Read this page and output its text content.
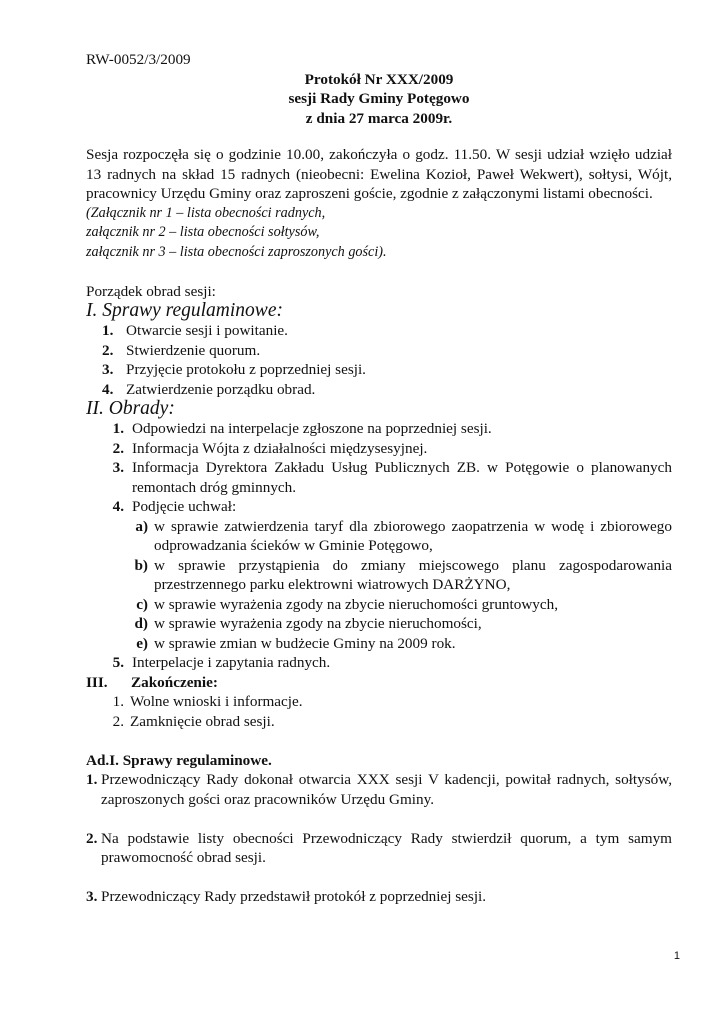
RW-0052/3/2009
Protokół Nr XXX/2009
sesji Rady Gminy Potęgowo
z dnia 27 marca 2009r.
Sesja rozpoczęła się o godzinie 10.00, zakończyła o godz. 11.50. W sesji udział wzięło udział 13 radnych na skład 15 radnych (nieobecni: Ewelina Kozioł, Paweł Wekwert), sołtysi, Wójt, pracownicy Urzędu Gminy oraz zaproszeni goście, zgodnie z załączonymi listami obecności.
(Załącznik nr 1 – lista obecności radnych,
załącznik nr 2 – lista obecności sołtysów,
załącznik nr 3 – lista obecności zaproszonych gości).
Porządek obrad sesji:
I. Sprawy regulaminowe:
1. Otwarcie sesji i powitanie.
2. Stwierdzenie quorum.
3. Przyjęcie protokołu z poprzedniej sesji.
4. Zatwierdzenie porządku obrad.
II. Obrady:
1. Odpowiedzi na interpelacje zgłoszone na poprzedniej sesji.
2. Informacja Wójta z działalności międzysesyjnej.
3. Informacja Dyrektora Zakładu Usług Publicznych ZB. w Potęgowie o planowanych remontach dróg gminnych.
4. Podjęcie uchwał:
a) w sprawie zatwierdzenia taryf dla zbiorowego zaopatrzenia w wodę i zbiorowego odprowadzania ścieków w Gminie Potęgowo,
b) w sprawie przystąpienia do zmiany miejscowego planu zagospodarowania przestrzennego parku elektrowni wiatrowych DARŻYNO,
c) w sprawie wyrażenia zgody na zbycie nieruchomości gruntowych,
d) w sprawie wyrażenia zgody na zbycie nieruchomości,
e) w sprawie zmian w budżecie Gminy na 2009 rok.
5. Interpelacje i zapytania radnych.
III. Zakończenie:
1. Wolne wnioski i informacje.
2. Zamknięcie obrad sesji.
Ad.I. Sprawy regulaminowe.
1. Przewodniczący Rady dokonał otwarcia XXX sesji V kadencji, powitał radnych, sołtysów, zaproszonych gości oraz pracowników Urzędu Gminy.
2. Na podstawie listy obecności Przewodniczący Rady stwierdził quorum, a tym samym prawomocność obrad sesji.
3. Przewodniczący Rady przedstawił protokół z poprzedniej sesji.
1
